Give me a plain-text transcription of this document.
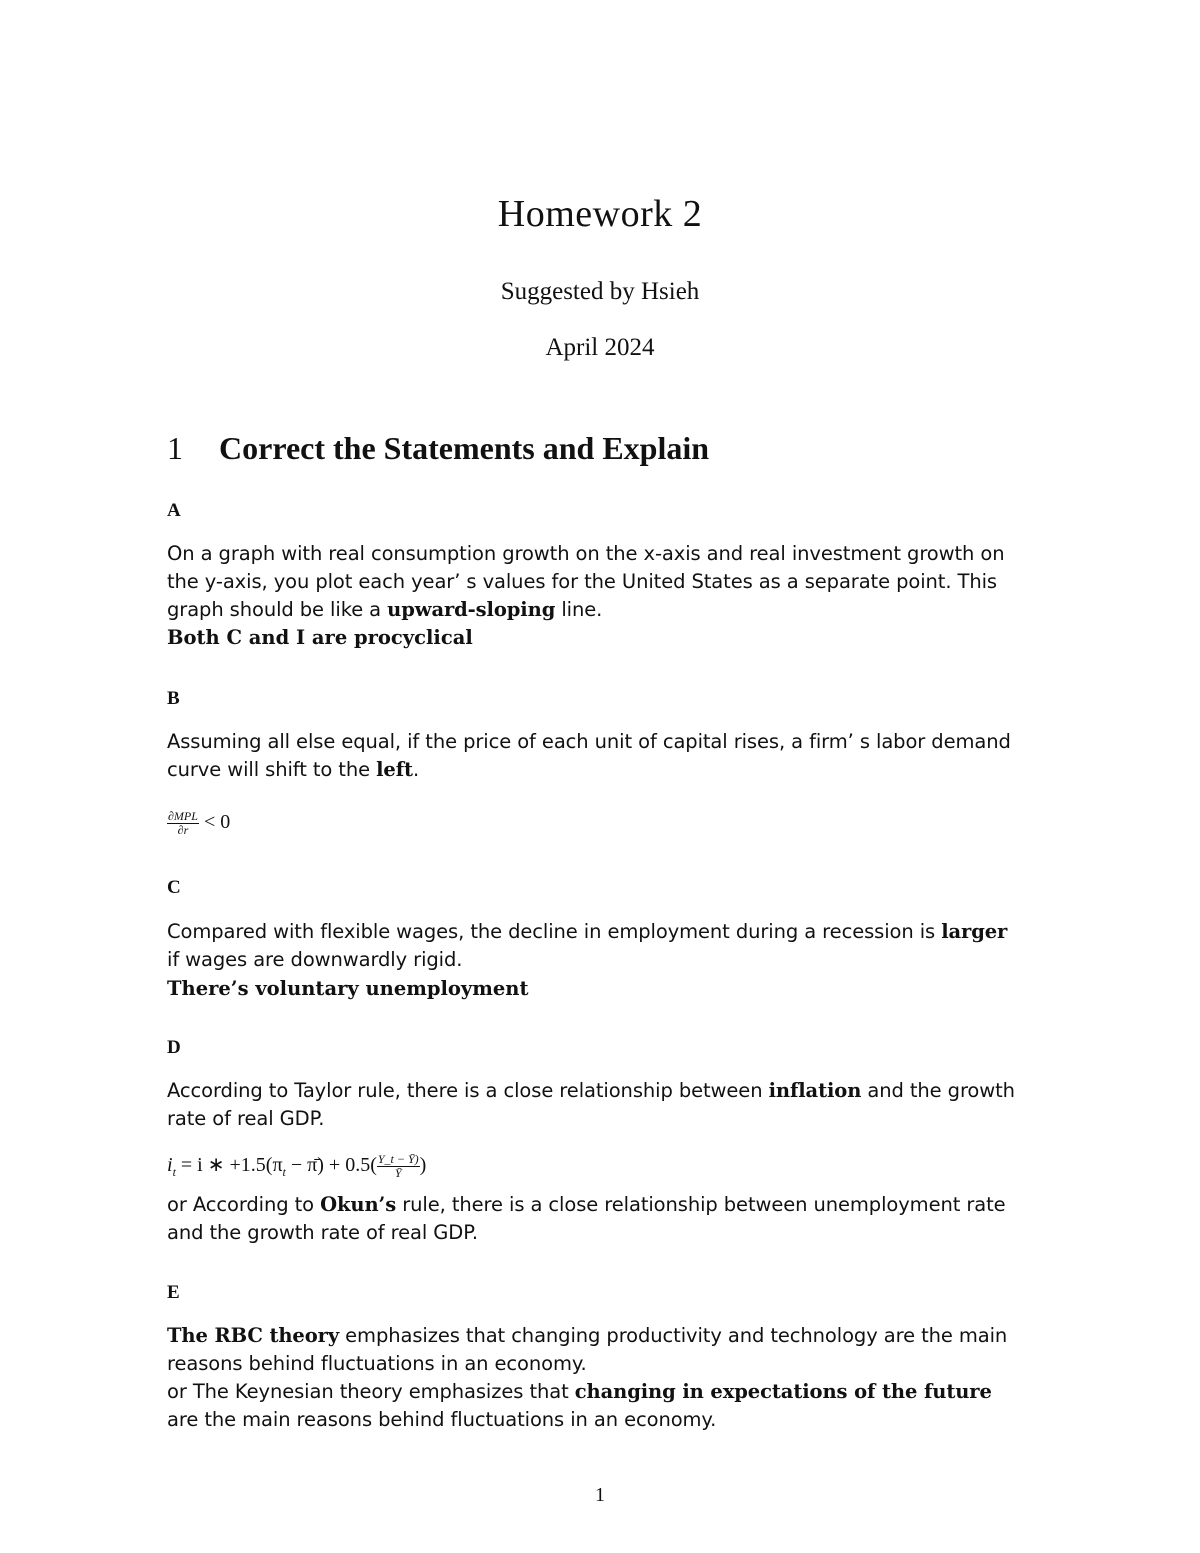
Homework 2
Suggested by Hsieh
April 2024
1 Correct the Statements and Explain
A
On a graph with real consumption growth on the x-axis and real investment growth on
the y-axis, you plot each year’ s values for the United States as a separate point. This
graph should be like a upward-sloping line.
Both C and I are procyclical
B
Assuming all else equal, if the price of each unit of capital rises, a firm’ s labor demand
curve will shift to the left.
$\frac{\text{∂MPL}}{\partial r} < 0$
C
Compared with flexible wages, the decline in employment during a recession is larger
if wages are downwardly rigid.
There’s voluntary unemployment
D
According to Taylor rule, there is a close relationship between inflation and the growth
rate of real GDP.
$i_t = i$ ∗ $+1.5(\pi_t$ − π̄) + $0.5( \frac{Y\_t - Ȳ)}{Ȳ}$ )
or According to Okun’s rule, there is a close relationship between unemployment rate
and the growth rate of real GDP.
E
The RBC theory emphasizes that changing productivity and technology are the main
reasons behind fluctuations in an economy.
or The Keynesian theory emphasizes that changing in expectations of the future
are the main reasons behind fluctuations in an economy.
1
